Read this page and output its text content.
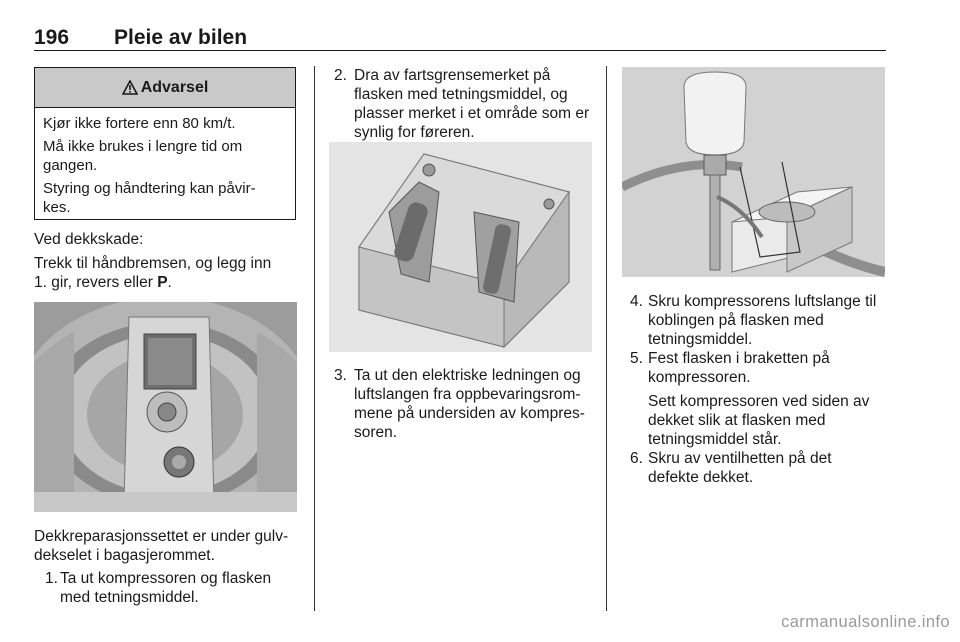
196 Pleie av bilen
Advarsel

Kjør ikke fortere enn 80 km/t.

Må ikke brukes i lengre tid om gangen.

Styring og håndtering kan påvir-kes.

Ved dekkskade:

Trekk til håndbremsen, og legg inn

1. gir, revers eller P.

Dekkreparasjonssettet er under gulv-

dekselet i bagasjerommet.

1. Ta ut kompressoren og flasken
med tetningsmiddel.
2. Dra av fartsgrensemerket på
flasken med tetningsmiddel, og
plasser merket i et område som er
synlig for føreren.
3. Ta ut den elektriske ledningen og
luftslangen fra oppbevaringsrom-
mene på undersiden av kompres-
soren.
4. Skru kompressorens luftslange til
koblingen på flasken med
tetningsmiddel.
5. Fest flasken i braketten på
kompressoren.

Sett kompressoren ved siden av
dekket slik at flasken med
tetningsmiddel står.
6. Skru av ventilhetten på det
defekte dekket.
carmanualsonline.info
